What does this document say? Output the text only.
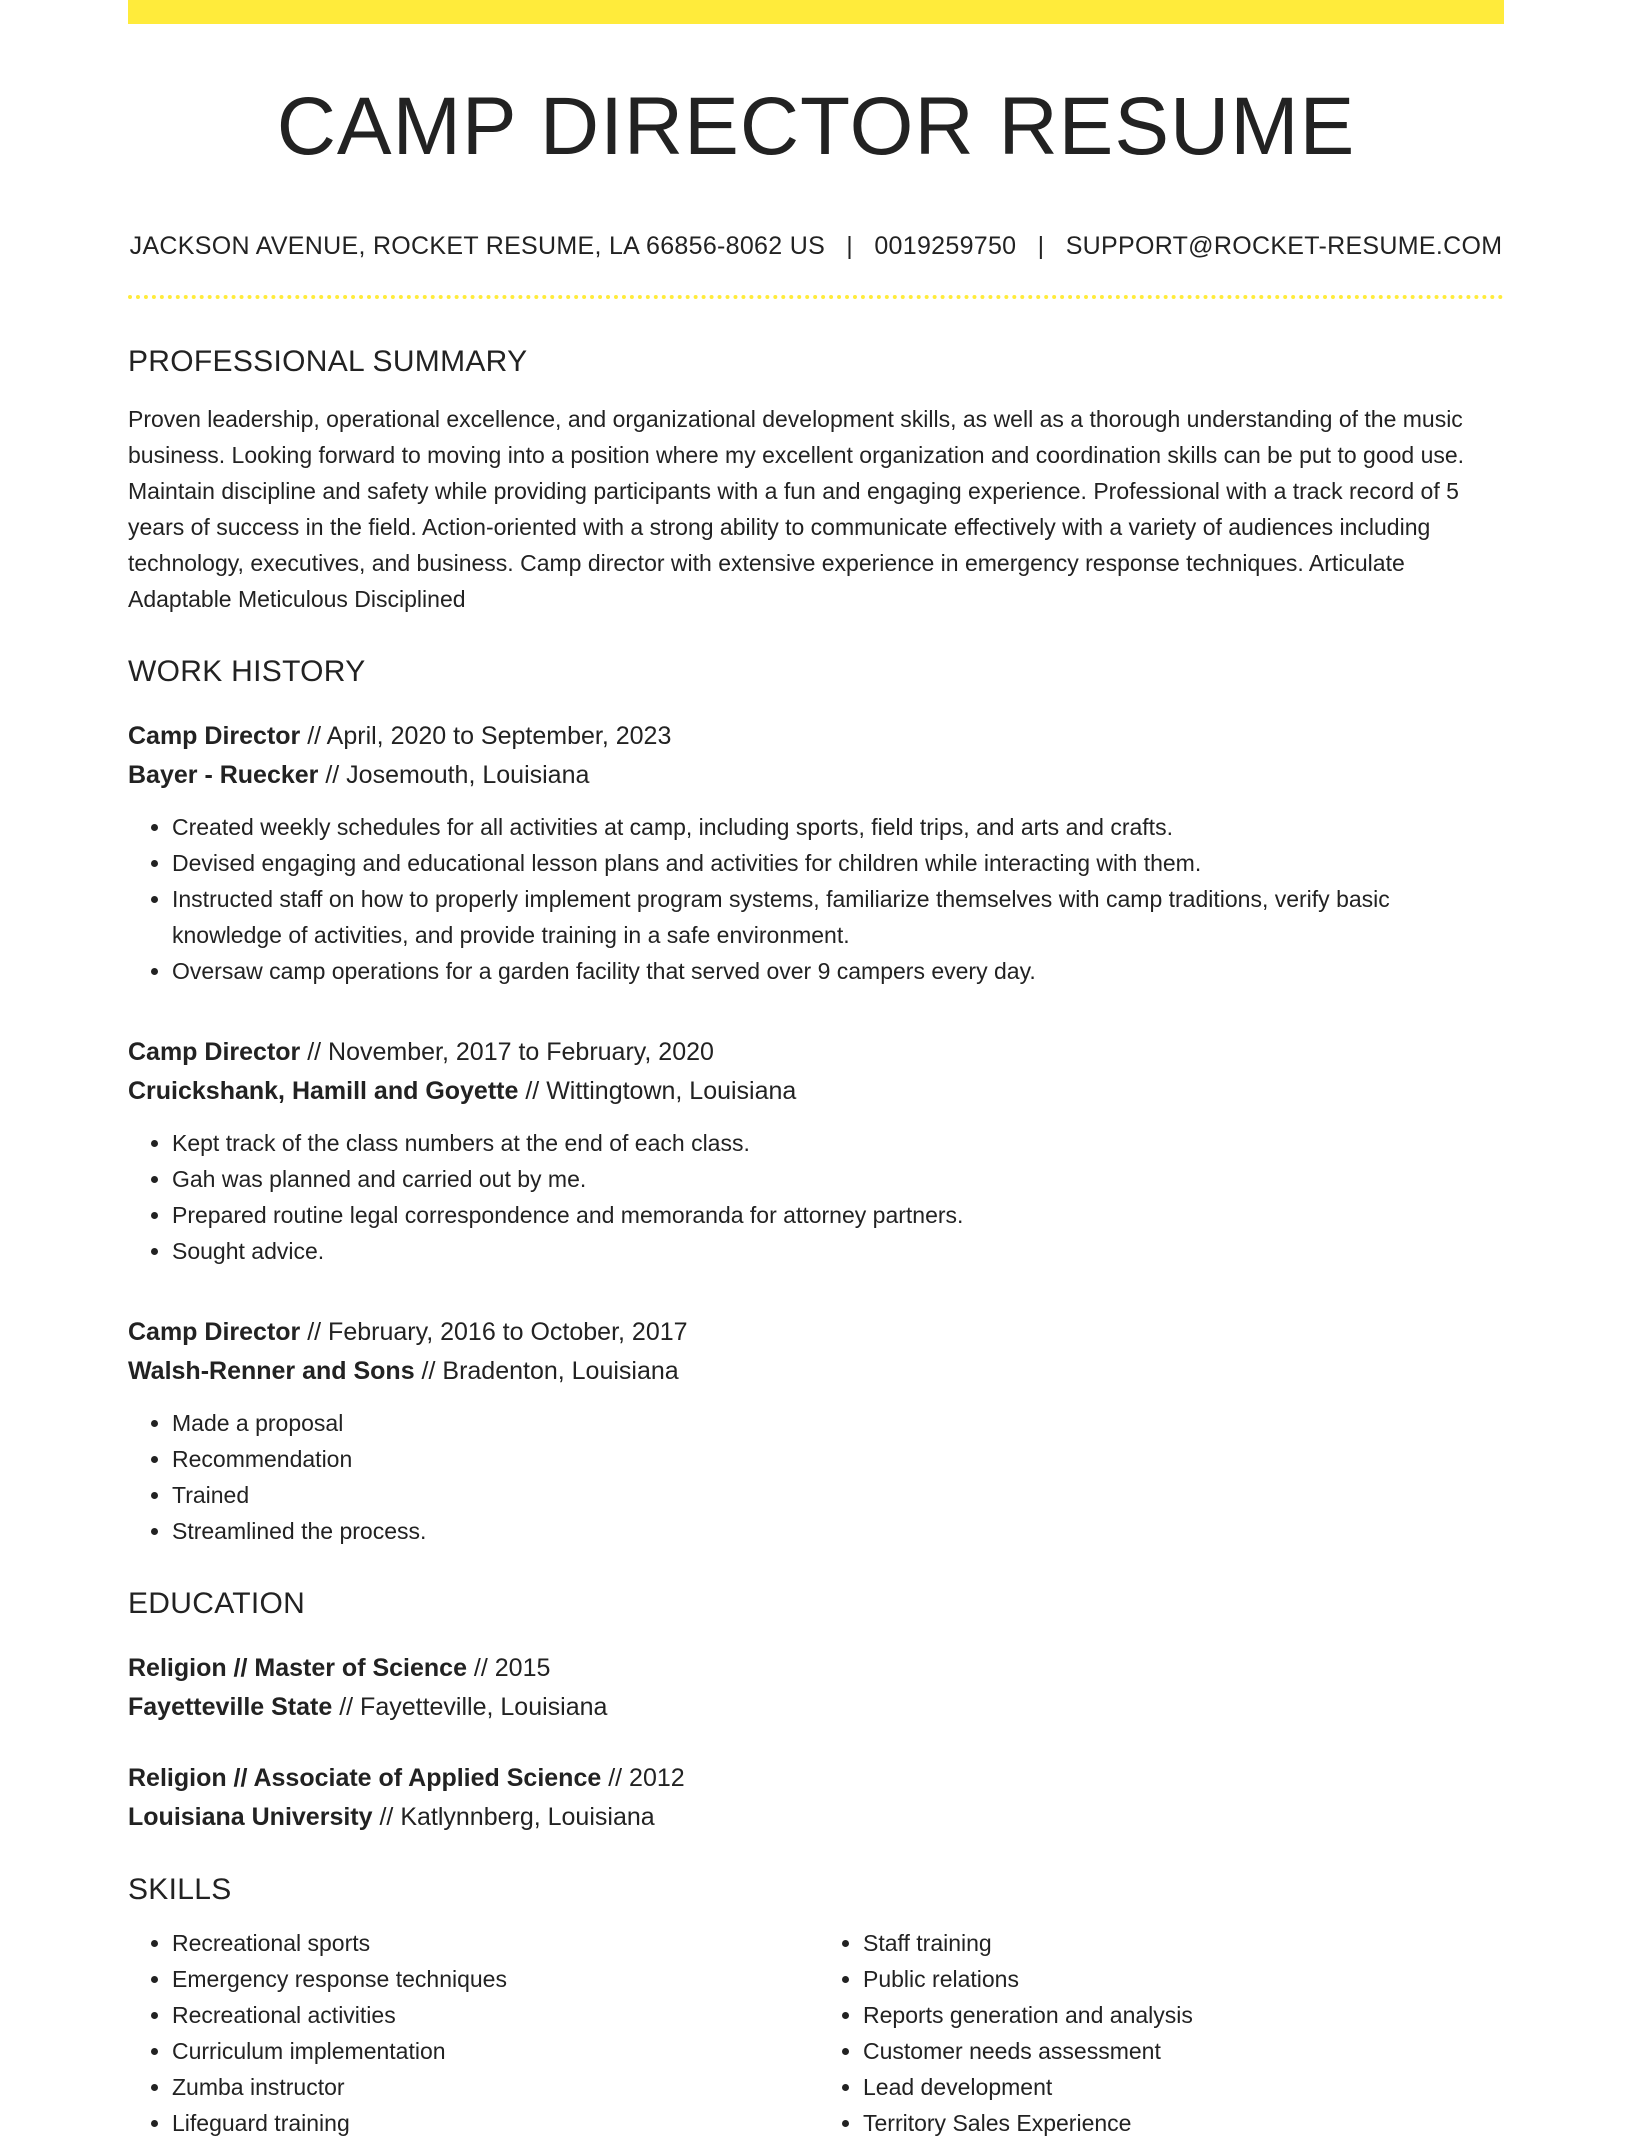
CAMP DIRECTOR RESUME
JACKSON AVENUE, ROCKET RESUME, LA 66856-8062 US | 0019259750 | SUPPORT@ROCKET-RESUME.COM
PROFESSIONAL SUMMARY

Proven leadership, operational excellence, and organizational development skills, as well as a thorough understanding of the music business. Looking forward to moving into a position where my excellent organization and coordination skills can be put to good use. Maintain discipline and safety while providing participants with a fun and engaging experience. Professional with a track record of 5 years of success in the field. Action-oriented with a strong ability to communicate effectively with a variety of audiences including technology, executives, and business. Camp director with extensive experience in emergency response techniques. Articulate Adaptable Meticulous Disciplined

WORK HISTORY
Camp Director // April, 2020 to September, 2023
Bayer - Ruecker // Josemouth, Louisiana
• Created weekly schedules for all activities at camp, including sports, field trips, and arts and crafts.
• Devised engaging and educational lesson plans and activities for children while interacting with them.
• Instructed staff on how to properly implement program systems, familiarize themselves with camp traditions, verify basic knowledge of activities, and provide training in a safe environment.
• Oversaw camp operations for a garden facility that served over 9 campers every day.
Camp Director // November, 2017 to February, 2020
Cruickshank, Hamill and Goyette // Wittingtown, Louisiana
• Kept track of the class numbers at the end of each class.
• Gah was planned and carried out by me.
• Prepared routine legal correspondence and memoranda for attorney partners.
• Sought advice.
Camp Director // February, 2016 to October, 2017
Walsh-Renner and Sons // Bradenton, Louisiana
• Made a proposal
• Recommendation
• Trained
• Streamlined the process.
EDUCATION
Religion // Master of Science // 2015
Fayetteville State // Fayetteville, Louisiana
Religion // Associate of Applied Science // 2012
Louisiana University // Katlynnberg, Louisiana
SKILLS
• Recreational sports
• Emergency response techniques
• Recreational activities
• Curriculum implementation
• Zumba instructor
• Lifeguard training
• Staff training
• Public relations
• Reports generation and analysis
• Customer needs assessment
• Lead development
• Territory Sales Experience
